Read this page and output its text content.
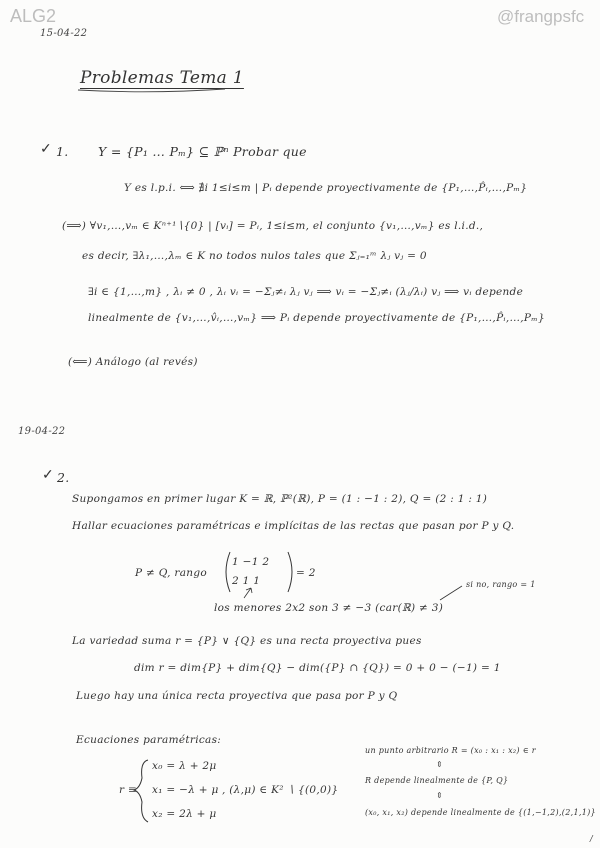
ALG2	@frangpsfc
15-04-22
Problemas Tema 1
✓ 1. Y = {P₁ … Pₘ} ⊆ ℙⁿ Probar que
Y es l.p.i. ⟺ ∄i 1≤i≤m | Pᵢ depende proyectivamente de {P₁,…,P̂ᵢ,…,Pₘ}
(⟹) ∀v₁,…,vₘ ∈ Kⁿ⁺¹∖{0} | [vᵢ] = Pᵢ, 1≤i≤m, el conjunto {v₁,…,vₘ} es l.i.d.,
es decir, ∃λ₁,…,λₘ ∈ K no todos nulos tales que Σⱼ₌₁ᵐ λⱼ vⱼ = 0
∃i ∈ {1,…,m} , λᵢ ≠ 0 , λᵢ vᵢ = −Σⱼ≠ᵢ λⱼ vⱼ ⟹ vᵢ = −Σⱼ≠ᵢ (λⱼ/λᵢ) vⱼ ⟹ vᵢ depende
linealmente de {v₁,…,v̂ᵢ,…,vₘ} ⟹ Pᵢ depende proyectivamente de {P₁,…,P̂ᵢ,…,Pₘ}
(⟸) Análogo (al revés)
19-04-22
✓ 2.
Supongamos en primer lugar K = ℝ, ℙ²(ℝ), P = (1 : −1 : 2), Q = (2 : 1 : 1)
Hallar ecuaciones paramétricas e implícitas de las rectas que pasan por P y Q.
P ≠ Q, rango
1 −1 2
2 1 1
= 2
si no, rango = 1
los menores 2x2 son 3 ≠ −3 (car(ℝ) ≠ 3)
La variedad suma r = {P} ∨ {Q} es una recta proyectiva pues
dim r = dim{P} + dim{Q} − dim({P} ∩ {Q}) = 0 + 0 − (−1) = 1
Luego hay una única recta proyectiva que pasa por P y Q
Ecuaciones paramétricas:
r ≡
x₀ = λ + 2μ
x₁ = −λ + μ
x₂ = 2λ + μ
, (λ,μ) ∈ K² ∖ {(0,0)}
un punto arbitrario R = (x₀ : x₁ : x₂) ∈ r
⇕
R depende linealmente de {P, Q}
⇕
(x₀, x₁, x₂) depende linealmente de {(1,−1,2),(2,1,1)}
/
